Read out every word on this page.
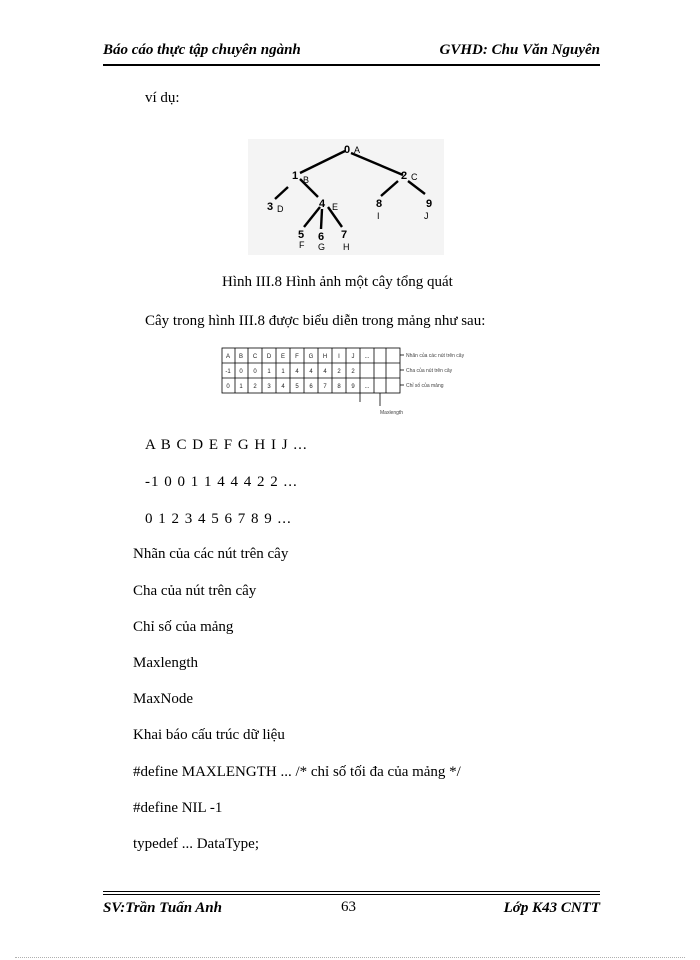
Báo cáo thực tập chuyên ngành	GVHD: Chu Văn Nguyên
ví dụ:
0
1	2
3	4
5 6 7
8	9
A
B	C
D	E
F G H
I	J
Hình III.8 Hình ảnh một cây tổng quát
Cây trong hình III.8 được biểu diễn trong mảng như sau:
A B C D E F G H I J ...
-1 0 0 1 1 4 4 4 2 2
0 1 2 3 4 5 6 7 8 9 ...
Nhãn của các nút trên cây
Cha của nút trên cây
Chỉ số của mảng
Maxlength
A B C D E F G H I J ...
-1 0 0 1 1 4 4 4 2 2 ...
0 1 2 3 4 5 6 7 8 9 ...
Nhãn của các nút trên cây
Cha của nút trên cây
Chỉ số của mảng
Maxlength
MaxNode
Khai báo cấu trúc dữ liệu
#define MAXLENGTH ... /* chỉ số tối đa của mảng */
#define NIL -1
typedef ... DataType;
SV:Trần Tuấn Anh	63	Lớp K43 CNTT
